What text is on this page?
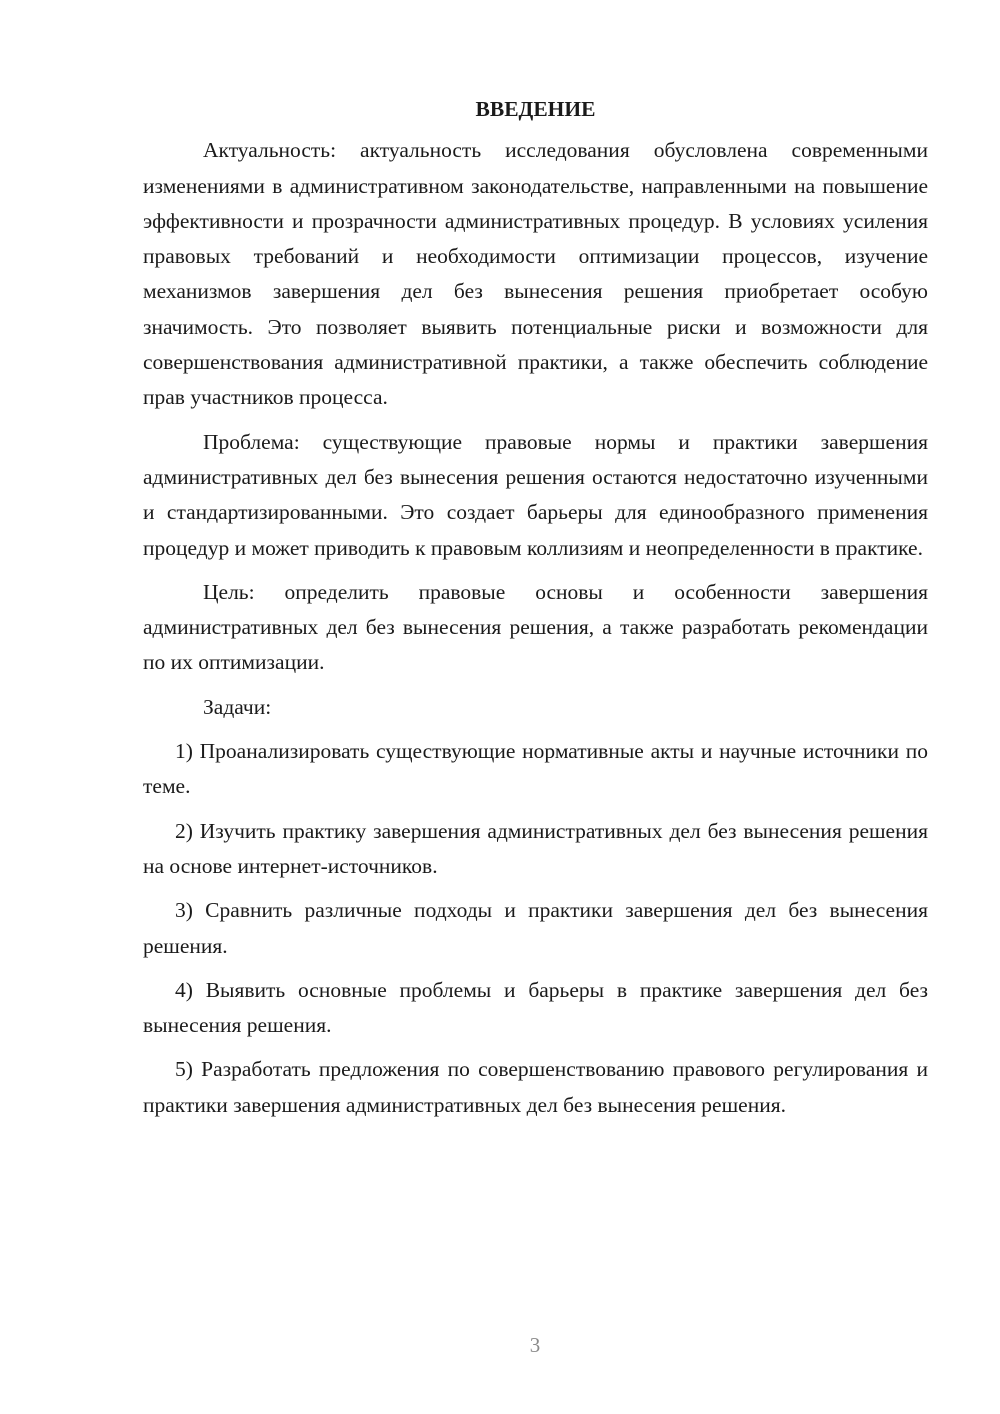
ВВЕДЕНИЕ

Актуальность: актуальность исследования обусловлена современными изменениями в административном законодательстве, направленными на повышение эффективности и прозрачности административных процедур. В условиях усиления правовых требований и необходимости оптимизации процессов, изучение механизмов завершения дел без вынесения решения приобретает особую значимость. Это позволяет выявить потенциальные риски и возможности для совершенствования административной практики, а также обеспечить соблюдение прав участников процесса.

Проблема: существующие правовые нормы и практики завершения административных дел без вынесения решения остаются недостаточно изученными и стандартизированными. Это создает барьеры для единообразного применения процедур и может приводить к правовым коллизиям и неопределенности в практике.

Цель: определить правовые основы и особенности завершения административных дел без вынесения решения, а также разработать рекомендации по их оптимизации.

Задачи:

1) Проанализировать существующие нормативные акты и научные источники по теме.

2) Изучить практику завершения административных дел без вынесения решения на основе интернет-источников.

3) Сравнить различные подходы и практики завершения дел без вынесения решения.

4) Выявить основные проблемы и барьеры в практике завершения дел без вынесения решения.

5) Разработать предложения по совершенствованию правового регулирования и практики завершения административных дел без вынесения решения.

3
